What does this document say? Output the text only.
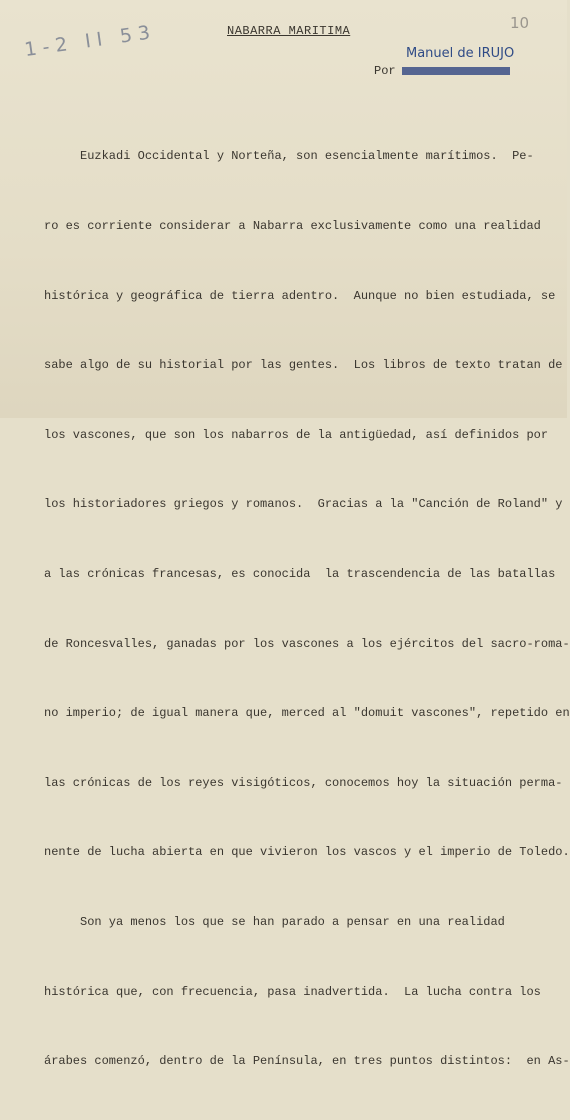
1-2 II 53	10
NABARRA MARITIMA
Manuel de IRUJO
Por

Euzkadi Occidental y Norteña, son esencialmente marítimos.  Pe-

ro es corriente considerar a Nabarra exclusivamente como una realidad

históricа y geográfica de tierra adentro.  Aunque no bien estudiada, se

sabe algo de su historial por las gentes.  Los libros de texto tratan de

los vascones, que son los nabarros de la antigüedad, así definidos por

los historiadores griegos y romanos.  Gracias a la "Canción de Roland" y

a las crónicas francesas, es conocida  la trascendencia de las batallas

de Roncesvalles, ganadas por los vascones a los ejércitos del sacro-roma-

no imperio; de igual manera que, merced al "domuit vascones", repetido en

las crónicas de los reyes visigóticos, conocemos hoy la situación perma-

nente de lucha abierta en que vivieron los vascos y el imperio de Toledo.

Son ya menos los que se han parado a pensar en una realidad

histórica que, con frecuencia, pasa inadvertida.  La lucha contra los

árabes comenzó, dentro de la Península, en tres puntos distintos:  en As-
